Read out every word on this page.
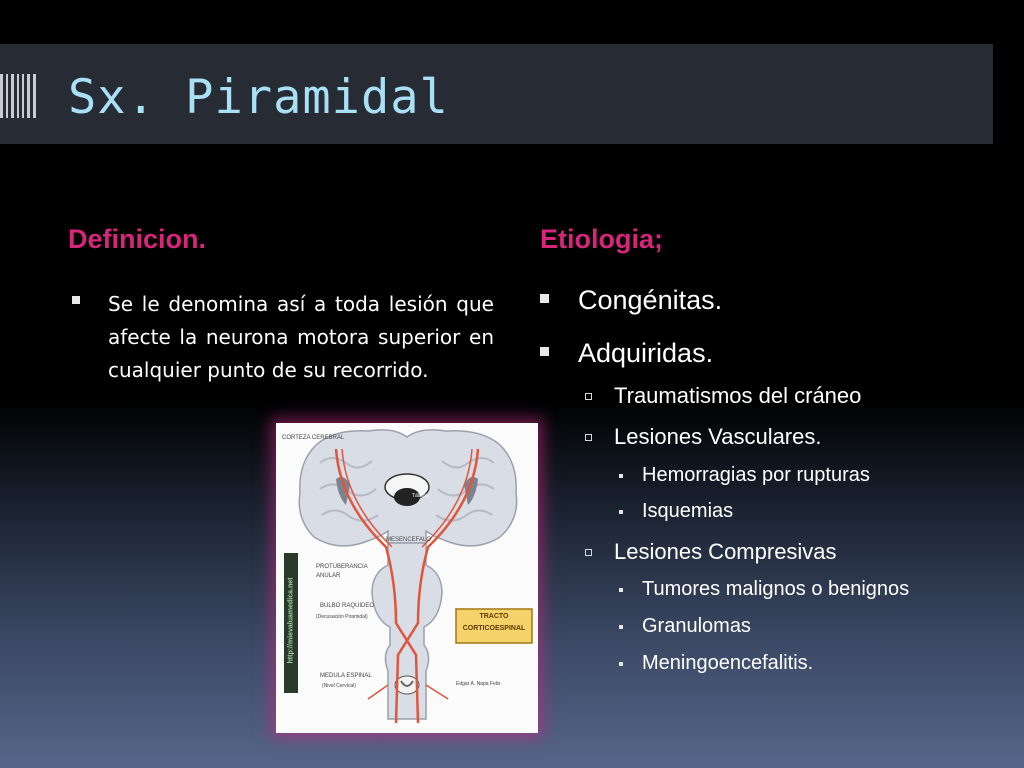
Sx. Piramidal
Definicion.	Etiologia;
Se le denomina así a toda lesión que afecte la neurona motora superior en cualquier punto de su recorrido.
CORTEZA CEREBRAL
Tálamo
MESENCEFALO
PROTUBERANCIA ANULAR
BULBO RAQUIDEO
(Decusación Piramidal)
MEDULA ESPINAL
(Nivel Cervical)
TRACTO
CORTICOESPINAL
http://mievaluamedica.net
Edgar A. Napa Felix
Congénitas.
Adquiridas.
Traumatismos del cráneo
Lesiones Vasculares.
Hemorragias por rupturas
Isquemias
Lesiones Compresivas
Tumores malignos o benignos
Granulomas
Meningoencefalitis.
